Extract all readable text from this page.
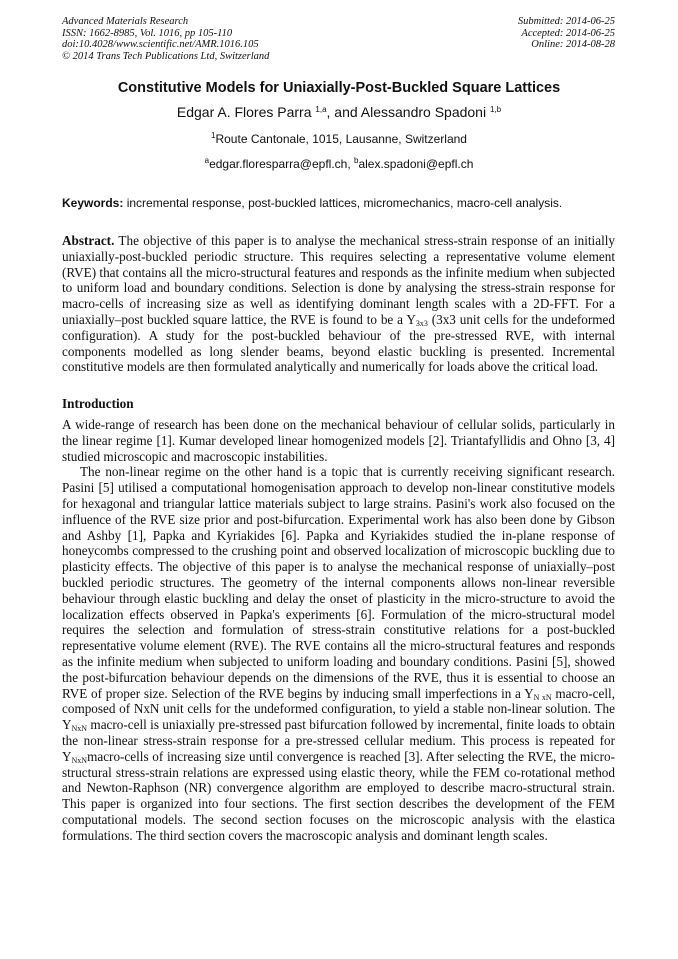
Advanced Materials Research
ISSN: 1662-8985, Vol. 1016, pp 105-110
doi:10.4028/www.scientific.net/AMR.1016.105
© 2014 Trans Tech Publications Ltd, Switzerland
Submitted: 2014-06-25
Accepted: 2014-06-25
Online: 2014-08-28
Constitutive Models for Uniaxially-Post-Buckled Square Lattices
Edgar A. Flores Parra $^{1,a}$, and Alessandro Spadoni $^{1,b}$
$^1$Route Cantonale, 1015, Lausanne, Switzerland
$^a$edgar.floresparra@epfl.ch, $^b$alex.spadoni@epfl.ch
Keywords: incremental response, post-buckled lattices, micromechanics, macro-cell analysis.
Abstract. The objective of this paper is to analyse the mechanical stress-strain response of an initially uniaxially-post-buckled periodic structure. This requires selecting a representative volume element (RVE) that contains all the micro-structural features and responds as the infinite medium when subjected to uniform load and boundary conditions. Selection is done by analysing the stress-strain response for macro-cells of increasing size as well as identifying dominant length scales with a 2D-FFT. For a uniaxially–post buckled square lattice, the RVE is found to be a $Y_{3x3}$ (3x3 unit cells for the undeformed configuration). A study for the post-buckled behaviour of the pre-stressed RVE, with internal components modelled as long slender beams, beyond elastic buckling is presented. Incremental constitutive models are then formulated analytically and numerically for loads above the critical load.
Introduction

A wide-range of research has been done on the mechanical behaviour of cellular solids, particularly in the linear regime [1]. Kumar developed linear homogenized models [2]. Triantafyllidis and Ohno [3, 4] studied microscopic and macroscopic instabilities.

The non-linear regime on the other hand is a topic that is currently receiving significant research. Pasini [5] utilised a computational homogenisation approach to develop non-linear constitutive models for hexagonal and triangular lattice materials subject to large strains. Pasini's work also focused on the influence of the RVE size prior and post-bifurcation. Experimental work has also been done by Gibson and Ashby [1], Papka and Kyriakides [6]. Papka and Kyriakides studied the in-plane response of honeycombs compressed to the crushing point and observed localization of microscopic buckling due to plasticity effects. The objective of this paper is to analyse the mechanical response of uniaxially–post buckled periodic structures. The geometry of the internal components allows non-linear reversible behaviour through elastic buckling and delay the onset of plasticity in the micro-structure to avoid the localization effects observed in Papka's experiments [6]. Formulation of the micro-structural model requires the selection and formulation of stress-strain constitutive relations for a post-buckled representative volume element (RVE). The RVE contains all the micro-structural features and responds as the infinite medium when subjected to uniform loading and boundary conditions. Pasini [5], showed the post-bifurcation behaviour depends on the dimensions of the RVE, thus it is essential to choose an RVE of proper size. Selection of the RVE begins by inducing small imperfections in a $Y_{N xN}$ macro-cell, composed of NxN unit cells for the undeformed configuration, to yield a stable non-linear solution. The $Y_{NxN}$ macro-cell is uniaxially pre-stressed past bifurcation followed by incremental, finite loads to obtain the non-linear stress-strain response for a pre-stressed cellular medium. This process is repeated for $Y_{NxN}macro$-cells of increasing size until convergence is reached [3]. After selecting the RVE, the micro-structural stress-strain relations are expressed using elastic theory, while the FEM co-rotational method and Newton-Raphson (NR) convergence algorithm are employed to describe macro-structural strain. This paper is organized into four sections. The first section describes the development of the FEM computational models. The second section focuses on the microscopic analysis with the elastica formulations. The third section covers the macroscopic analysis and dominant length scales.
